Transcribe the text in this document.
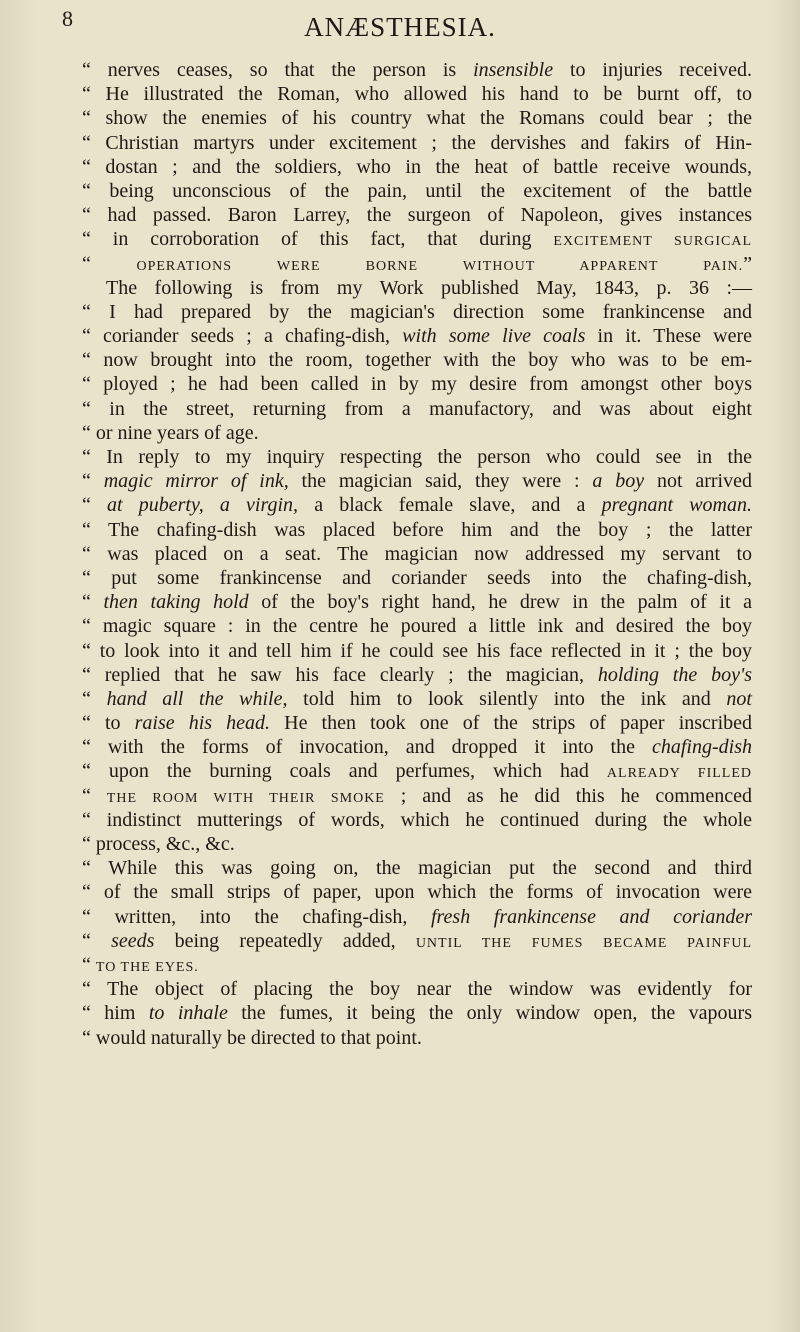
8	ANÆSTHESIA.
“ nerves ceases, so that the person is insensible to injuries received.
“ He illustrated the Roman, who allowed his hand to be burnt off, to
“ show the enemies of his country what the Romans could bear ; the
“ Christian martyrs under excitement ; the dervishes and fakirs of Hin-
“ dostan ; and the soldiers, who in the heat of battle receive wounds,
“ being unconscious of the pain, until the excitement of the battle
“ had passed. Baron Larrey, the surgeon of Napoleon, gives instances
“ in corroboration of this fact, that during EXCITEMENT SURGICAL
“ OPERATIONS WERE BORNE WITHOUT APPARENT PAIN.”
The following is from my Work published May, 1843, p. 36 :—
“ I had prepared by the magician's direction some frankincense and
“ coriander seeds ; a chafing-dish, with some live coals in it. These were
“ now brought into the room, together with the boy who was to be em-
“ ployed ; he had been called in by my desire from amongst other boys
“ in the street, returning from a manufactory, and was about eight
“ or nine years of age.
“ In reply to my inquiry respecting the person who could see in the
“ magic mirror of ink, the magician said, they were : a boy not arrived
“ at puberty, a virgin, a black female slave, and a pregnant woman.
“ The chafing-dish was placed before him and the boy ; the latter
“ was placed on a seat. The magician now addressed my servant to
“ put some frankincense and coriander seeds into the chafing-dish,
“ then taking hold of the boy's right hand, he drew in the palm of it a
“ magic square : in the centre he poured a little ink and desired the boy
“ to look into it and tell him if he could see his face reflected in it ; the boy
“ replied that he saw his face clearly ; the magician, holding the boy's
“ hand all the while, told him to look silently into the ink and not
“ to raise his head. He then took one of the strips of paper inscribed
“ with the forms of invocation, and dropped it into the chafing-dish
“ upon the burning coals and perfumes, which had ALREADY FILLED
“ THE ROOM WITH THEIR SMOKE ; and as he did this he commenced
“ indistinct mutterings of words, which he continued during the whole
“ process, &c., &c.
“ While this was going on, the magician put the second and third
“ of the small strips of paper, upon which the forms of invocation were
“ written, into the chafing-dish, fresh frankincense and coriander
“ seeds being repeatedly added, UNTIL THE FUMES BECAME PAINFUL
“ TO THE EYES.
“ The object of placing the boy near the window was evidently for
“ him to inhale the fumes, it being the only window open, the vapours
“ would naturally be directed to that point.
